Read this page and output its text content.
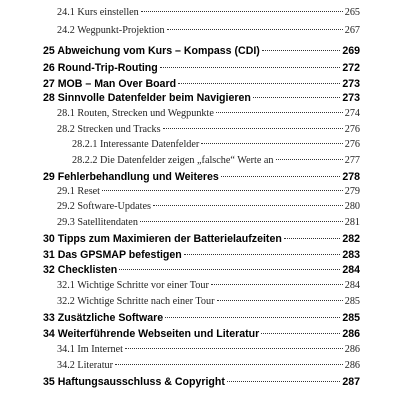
24.1 Kurs einstellen	265
24.2 Wegpunkt-Projektion	267
25 Abweichung vom Kurs – Kompass (CDI)	269
26 Round-Trip-Routing	272
27 MOB – Man Over Board	273
28 Sinnvolle Datenfelder beim Navigieren	273
28.1 Routen, Strecken und Wegpunkte	274
28.2 Strecken und Tracks	276
28.2.1 Interessante Datenfelder	276
28.2.2 Die Datenfelder zeigen „falsche“ Werte an	277
29 Fehlerbehandlung und Weiteres	278
29.1 Reset	279
29.2 Software-Updates	280
29.3 Satellitendaten	281
30 Tipps zum Maximieren der Batterielaufzeiten	282
31 Das GPSMAP befestigen	283
32 Checklisten	284
32.1 Wichtige Schritte vor einer Tour	284
32.2 Wichtige Schritte nach einer Tour	285
33 Zusätzliche Software	285
34 Weiterführende Webseiten und Literatur	286
34.1 Im Internet	286
34.2 Literatur	286
35 Haftungsausschluss & Copyright	287
